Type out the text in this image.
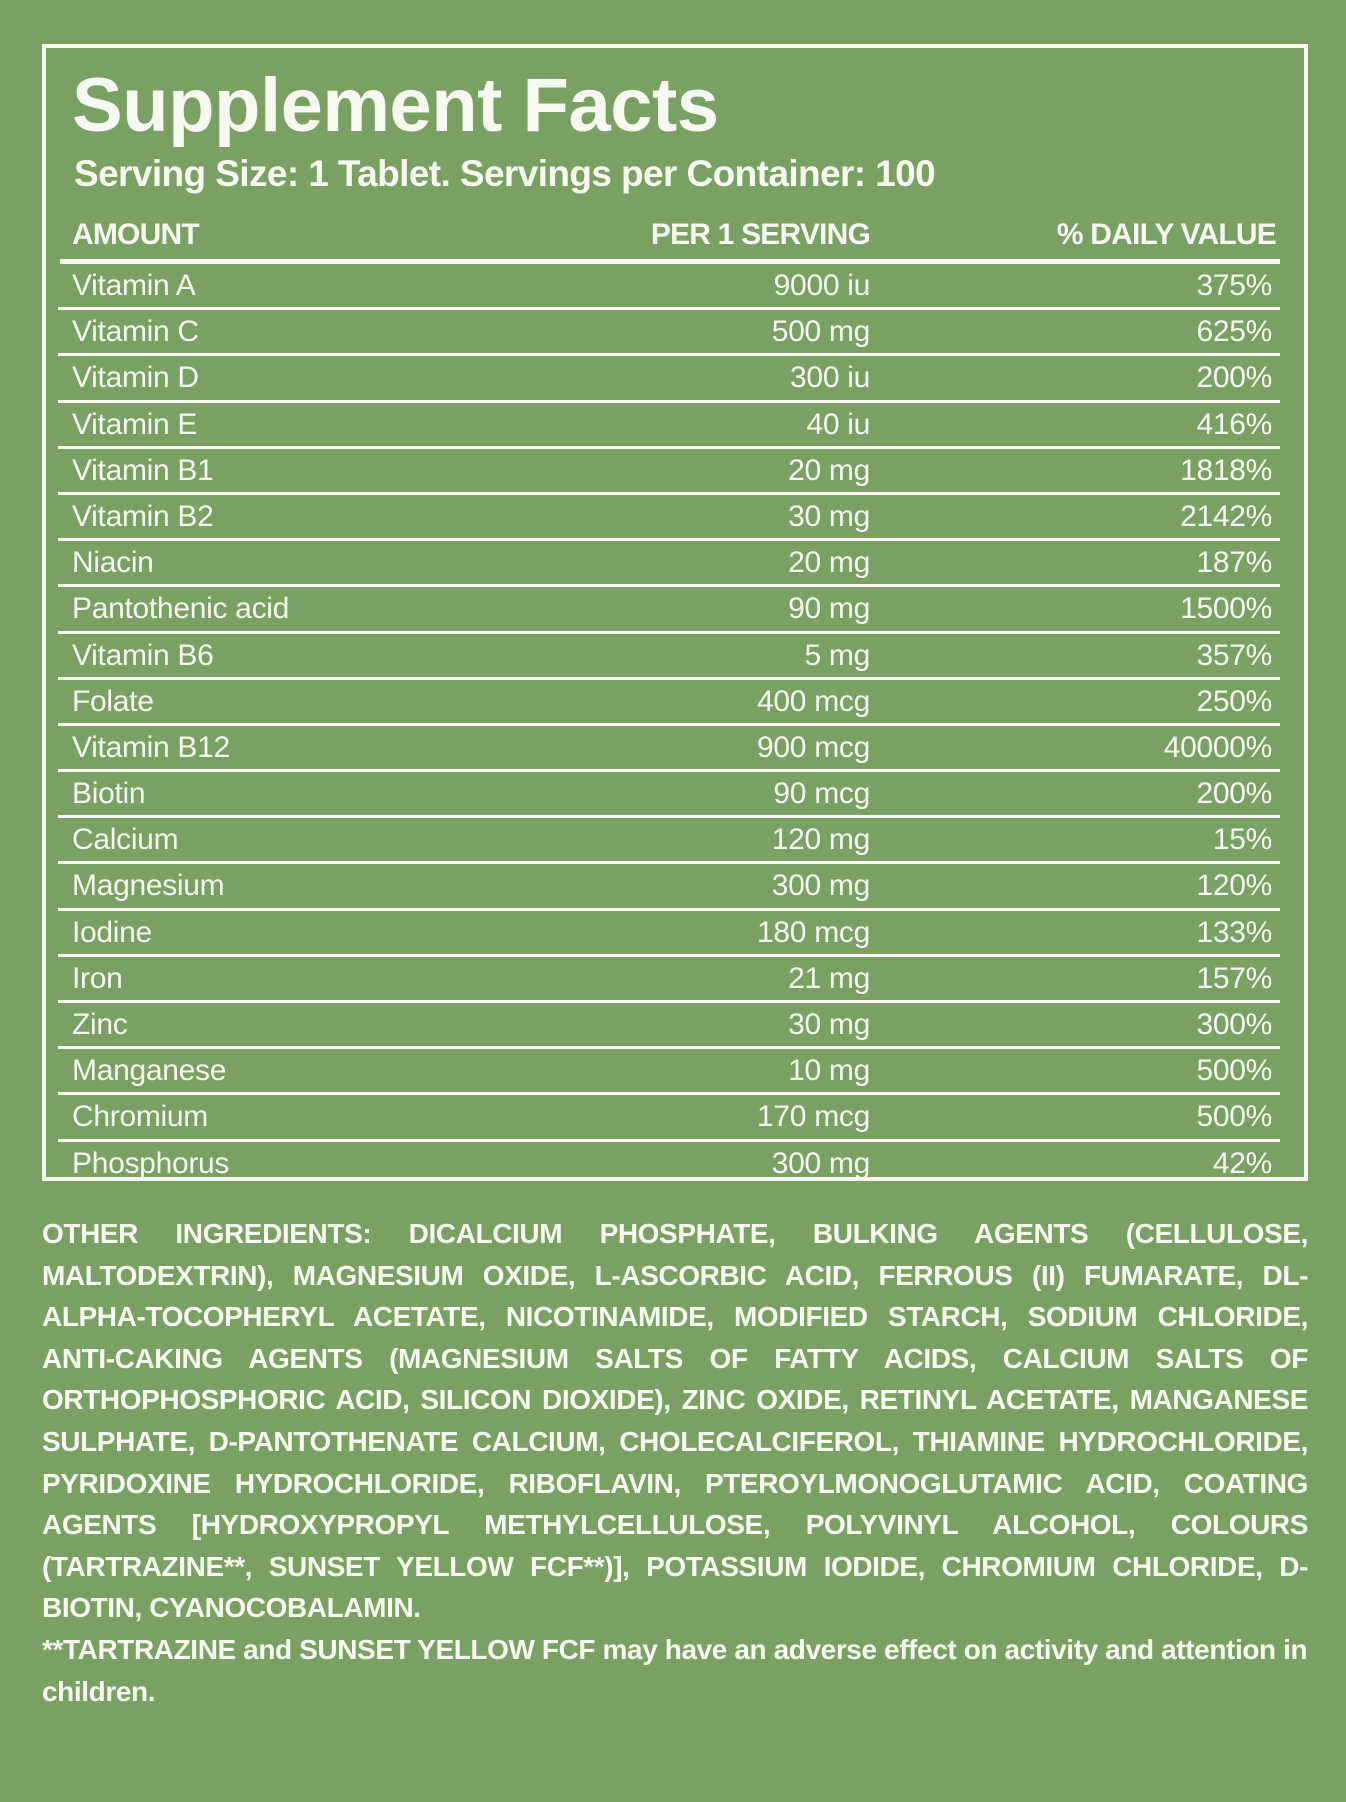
Supplement Facts
Serving Size: 1 Tablet. Servings per Container: 100
AMOUNT	PER 1 SERVING	% DAILY VALUE
Vitamin A	9000 iu	375%
Vitamin C	500 mg	625%
Vitamin D	300 iu	200%
Vitamin E	40 iu	416%
Vitamin B1	20 mg	1818%
Vitamin B2	30 mg	2142%
Niacin	20 mg	187%
Pantothenic acid	90 mg	1500%
Vitamin B6	5 mg	357%
Folate	400 mcg	250%
Vitamin B12	900 mcg	40000%
Biotin	90 mcg	200%
Calcium	120 mg	15%
Magnesium	300 mg	120%
Iodine	180 mcg	133%
Iron	21 mg	157%
Zinc	30 mg	300%
Manganese	10 mg	500%
Chromium	170 mcg	500%
Phosphorus	300 mg	42%

OTHER INGREDIENTS: DICALCIUM PHOSPHATE, BULKING AGENTS (CELLULOSE, MALTODEXTRIN), MAGNESIUM OXIDE, L-ASCORBIC ACID, FERROUS (II) FUMARATE, DL-ALPHA-TOCOPHERYL ACETATE, NICOTINAMIDE, MODIFIED STARCH, SODIUM CHLORIDE, ANTI-CAKING AGENTS (MAGNESIUM SALTS OF FATTY ACIDS, CALCIUM SALTS OF ORTHOPHOSPHORIC ACID, SILICON DIOXIDE), ZINC OXIDE, RETINYL ACETATE, MANGANESE SULPHATE, D-PANTOTHENATE CALCIUM, CHOLECALCIFEROL, THIAMINE HYDROCHLORIDE, PYRIDOXINE HYDROCHLORIDE, RIBOFLAVIN, PTEROYLMONOGLUTAMIC ACID, COATING AGENTS [HYDROXYPROPYL METHYLCELLULOSE, POLYVINYL ALCOHOL, COLOURS (TARTRAZINE**, SUNSET YELLOW FCF**)], POTASSIUM IODIDE, CHROMIUM CHLORIDE, D-BIOTIN, CYANOCOBALAMIN.

**TARTRAZINE and SUNSET YELLOW FCF may have an adverse effect on activity and attention in children.
